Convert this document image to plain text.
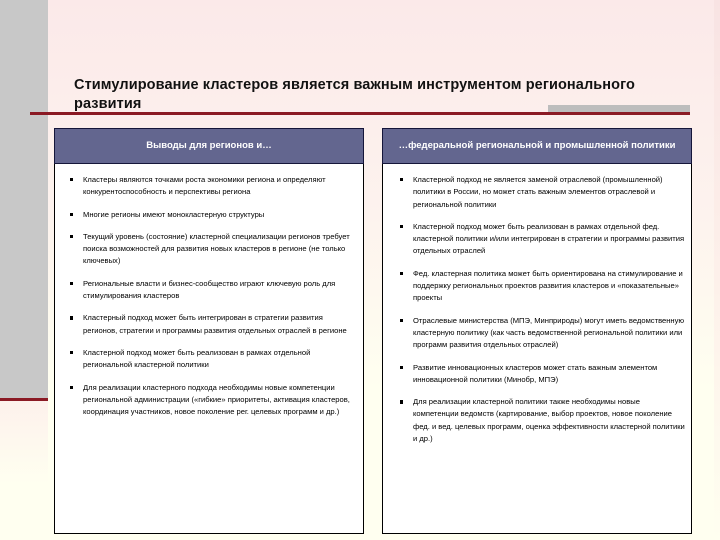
Стимулирование кластеров является важным инструментом регионального развития
Выводы для регионов и…
Кластеры являются точками роста экономики региона и определяют конкурентоспособность и перспективы региона
Многие регионы имеют монокластерную структуры
Текущий уровень (состояние) кластерной специализации регионов требует поиска возможностей для развития новых кластеров в регионе (не только ключевых)
Региональные власти и бизнес-сообщество играют ключевую роль для стимулирования кластеров
Кластерный подход может быть интегрирован в стратегии развития регионов, стратегии и программы развития отдельных отраслей в регионе
Кластерной подход может быть реализован в рамках отдельной региональной кластерной политики
Для реализации кластерного подхода необходимы новые компетенции региональной администрации («гибкие» приоритеты, активация кластеров, координация участников, новое поколение рег. целевых программ и др.)
…федеральной региональной и промышленной политики
Кластерной подход не является заменой отраслевой (промышленной) политики в России, но может стать важным элементов отраслевой и региональной политики
Кластерной подход может быть реализован в рамках отдельной фед. кластерной политики и/или интегрирован в стратегии и программы развития отдельных отраслей
Фед. кластерная политика может быть ориентирована на стимулирование и поддержку региональных проектов развития кластеров и «показательные» проекты
Отраслевые министерства (МПЭ, Минприроды) могут иметь ведомственную кластерную политику (как часть ведомственной региональной политики или программ развития отдельных отраслей)
Развитие инновационных кластеров может стать важным элементом инновационной политики (Минобр, МПЭ)
Для реализации кластерной политики также необходимы новые компетенции ведомств (картирование, выбор проектов, новое поколение фед. и вед. целевых программ, оценка эффективности кластерной политики и др.)
